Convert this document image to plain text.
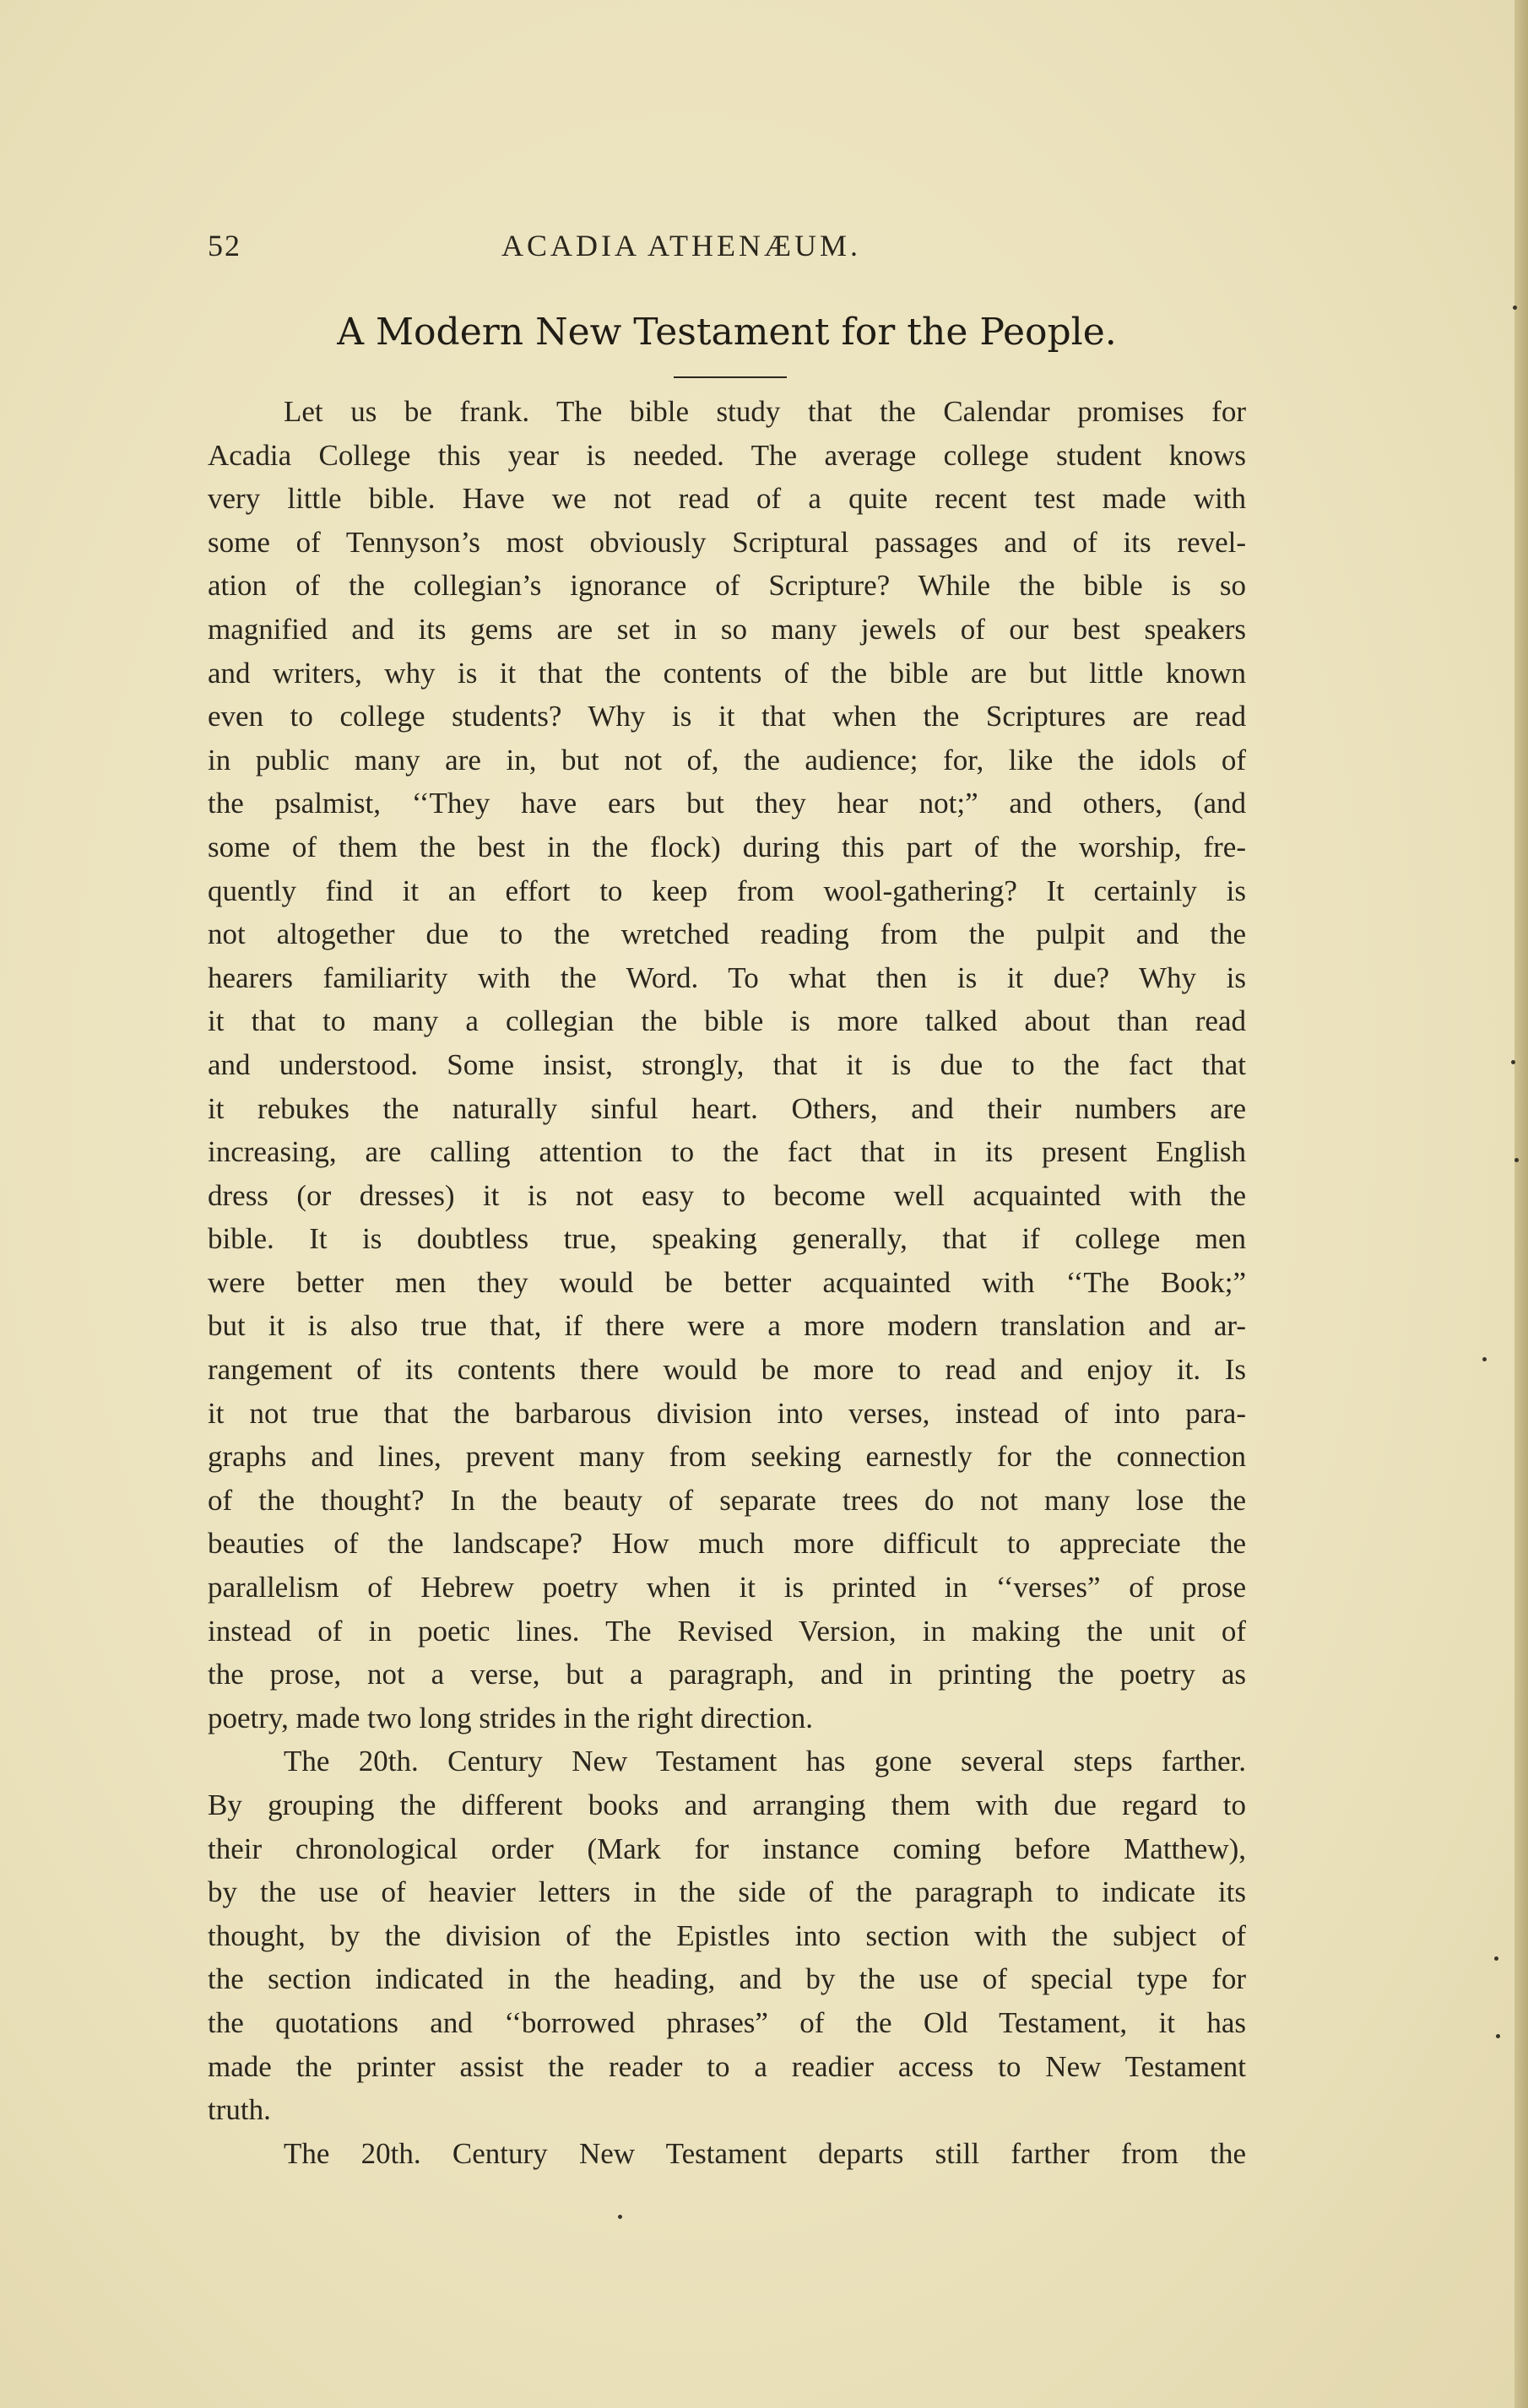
52	ACADIA ATHENÆUM.
A Modern New Testament for the People.
Let us be frank. The bible study that the Calendar promises for
Acadia College this year is needed. The average college student knows
very little bible. Have we not read of a quite recent test made with
some of Tennyson’s most obviously Scriptural passages and of its revel-
ation of the collegian’s ignorance of Scripture? While the bible is so
magnified and its gems are set in so many jewels of our best speakers
and writers, why is it that the contents of the bible are but little known
even to college students? Why is it that when the Scriptures are read
in public many are in, but not of, the audience; for, like the idols of
the psalmist, ‘‘They have ears but they hear not;” and others, (and
some of them the best in the flock) during this part of the worship, fre-
quently find it an effort to keep from wool-gathering? It certainly is
not altogether due to the wretched reading from the pulpit and the
hearers familiarity with the Word. To what then is it due? Why is
it that to many a collegian the bible is more talked about than read
and understood. Some insist, strongly, that it is due to the fact that
it rebukes the naturally sinful heart. Others, and their numbers are
increasing, are calling attention to the fact that in its present English
dress (or dresses) it is not easy to become well acquainted with the
bible. It is doubtless true, speaking generally, that if college men
were better men they would be better acquainted with ‘‘The Book;”
but it is also true that, if there were a more modern translation and ar-
rangement of its contents there would be more to read and enjoy it. Is
it not true that the barbarous division into verses, instead of into para-
graphs and lines, prevent many from seeking earnestly for the connection
of the thought? In the beauty of separate trees do not many lose the
beauties of the landscape? How much more difficult to appreciate the
parallelism of Hebrew poetry when it is printed in ‘‘verses” of prose
instead of in poetic lines. The Revised Version, in making the unit of
the prose, not a verse, but a paragraph, and in printing the poetry as
poetry, made two long strides in the right direction.
The 20th. Century New Testament has gone several steps farther.
By grouping the different books and arranging them with due regard to
their chronological order (Mark for instance coming before Matthew),
by the use of heavier letters in the side of the paragraph to indicate its
thought, by the division of the Epistles into section with the subject of
the section indicated in the heading, and by the use of special type for
the quotations and ‘‘borrowed phrases” of the Old Testament, it has
made the printer assist the reader to a readier access to New Testament
truth.
The 20th. Century New Testament departs still farther from the
